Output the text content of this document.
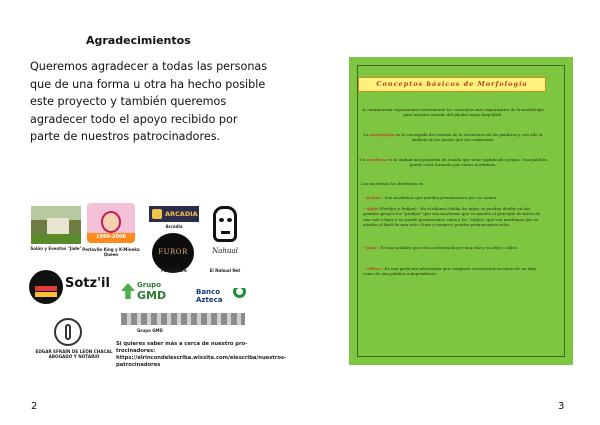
Agradecimientos
Queremos agradecer a todas las personas que de una forma u otra ha hecho posible este proyecto y también queremos agradecer todo el apoyo recibido por parte de nuestros patrocinadores.
Salón y Eventos "Jade"
1999-2006
Perlavile King y K-Mineka Queen
ARCADIA
Arcadia
FUROR
Furor Store
Nahual
El Nahual Net
Sotz'il	Grupo
GMD	Banco Azteca
Grupo GMD
EDGAR EFRAÍN DE LEÓN CHACAL
ABOGADO Y NOTARIO
Si quieres saber más a cerca de nuestro pro-trocinadores: https://elrincondelescriba.wixsite.com/elescriba/nuestros-patrocinadores
2
Conceptos básicos de Morfología
A continuación repasaremos brevemente los conceptos más importantes de la morfología para nuestro estudio del idioma maya Kaqchikel.
La morfología es la encargada del estudio de la estructura de las palabras y con ello el análisis de las partes que las conforman.
Un morfema es la unidad más pequeña de sonido que tiene significado propio. Una palabra puede estar formada por varios morfemas.
Los morfemas los dividimos en:
- Raíces : Son morfemas que pueden pronunciarse por su cuenta.
- Afijos (Prefijos y Sufijos) : En el idioma Nahka los afijos se pueden dividir en dos grandes grupos los "prefijos" que son morfemas que se añaden al principio de inicio de una raíz o base y no puede pronunciarse solos y los "sufijos" que son morfemas que se añaden al final de una raíz o base y tampoco pueden pronunciarse solos.
- Base : Es una palabra que está conformada por una raíz y un afijo o afijos.
- Clítico : Es una partícula intermedia que comparte características tanto de un afijo como de una palabra independiente.
3
